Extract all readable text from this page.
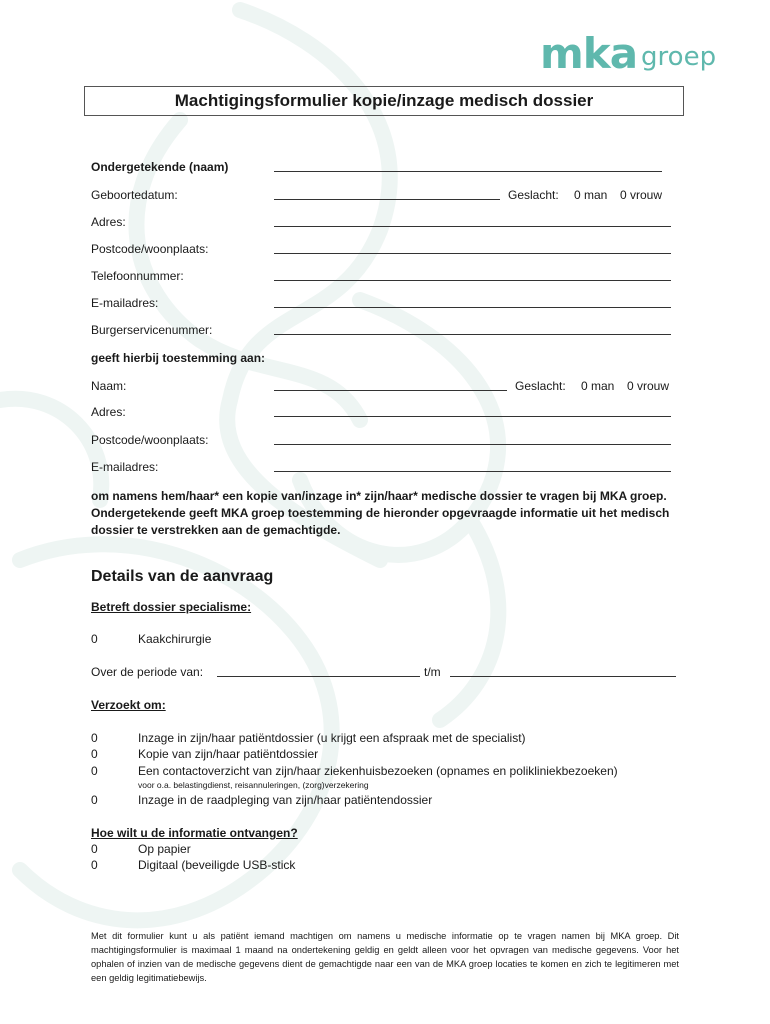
mka groep
Machtigingsformulier kopie/inzage medisch dossier
Ondergetekende (naam)
Geboortedatum:	Geslacht: 0 man 0 vrouw
Adres:
Postcode/woonplaats:
Telefoonnummer:
E-mailadres:
Burgerservicenummer:
geeft hierbij toestemming aan:
Naam:	Geslacht: 0 man 0 vrouw
Adres:
Postcode/woonplaats:
E-mailadres:
om namens hem/haar* een kopie van/inzage in* zijn/haar* medische dossier te vragen bij MKA groep. Ondergetekende geeft MKA groep toestemming de hieronder opgevraagde informatie uit het medisch dossier te verstrekken aan de gemachtigde.
Details van de aanvraag
Betreft dossier specialisme:
0	Kaakchirurgie
Over de periode van:	t/m
Verzoekt om:
0	Inzage in zijn/haar patiëntdossier (u krijgt een afspraak met de specialist)
0	Kopie van zijn/haar patiëntdossier
0	Een contactoverzicht van zijn/haar ziekenhuisbezoeken (opnames en polikliniekbezoeken)
voor o.a. belastingdienst, reisannuleringen, (zorg)verzekering
0	Inzage in de raadpleging van zijn/haar patiëntendossier
Hoe wilt u de informatie ontvangen?
0	Op papier
0	Digitaal (beveiligde USB-stick
Met dit formulier kunt u als patiënt iemand machtigen om namens u medische informatie op te vragen namen bij MKA groep. Dit machtigingsformulier is maximaal 1 maand na ondertekening geldig en geldt alleen voor het opvragen van medische gegevens. Voor het ophalen of inzien van de medische gegevens dient de gemachtigde naar een van de MKA groep locaties te komen en zich te legitimeren met een geldig legitimatiebewijs.
